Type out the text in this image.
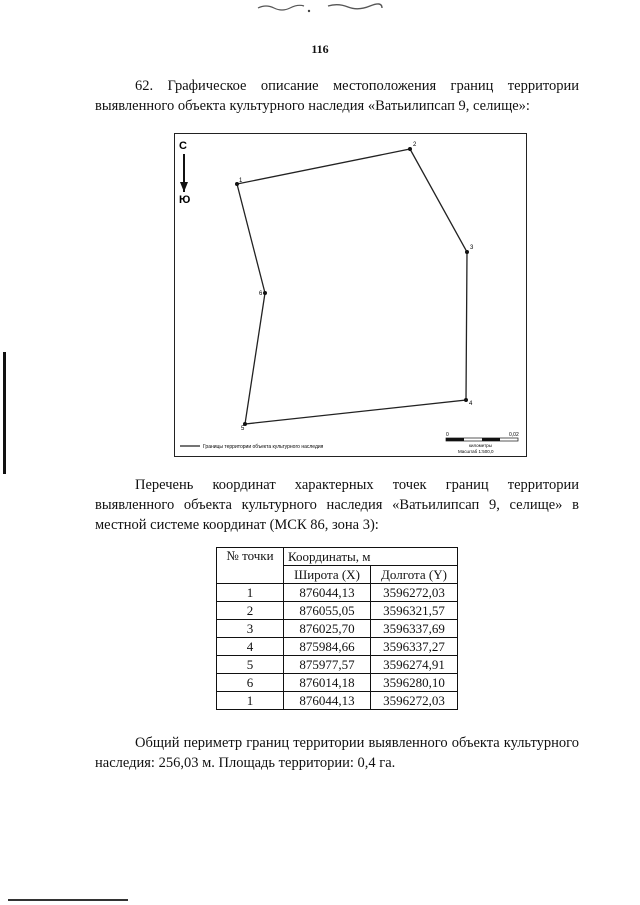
116
62. Графическое описание местоположения границ территории выявленного объекта культурного наследия «Ватьилипсап 9, селище»:
С
Ю
1
2
3
4
5
6
Границы территории объекта культурного наследия
0	0,02
километры
Масштаб 1:500,0
Перечень координат характерных точек границ территории выявленного объекта культурного наследия «Ватьилипсап 9, селище» в местной системе координат (МСК 86, зона 3):
№ точки	Координаты, м	
	Широта (X)	Долгота (Y)
1	876044,13	3596272,03
2	876055,05	3596321,57
3	876025,70	3596337,69
4	875984,66	3596337,27
5	875977,57	3596274,91
6	876014,18	3596280,10
1	876044,13	3596272,03
Общий периметр границ территории выявленного объекта культурного наследия: 256,03 м. Площадь территории: 0,4 га.
